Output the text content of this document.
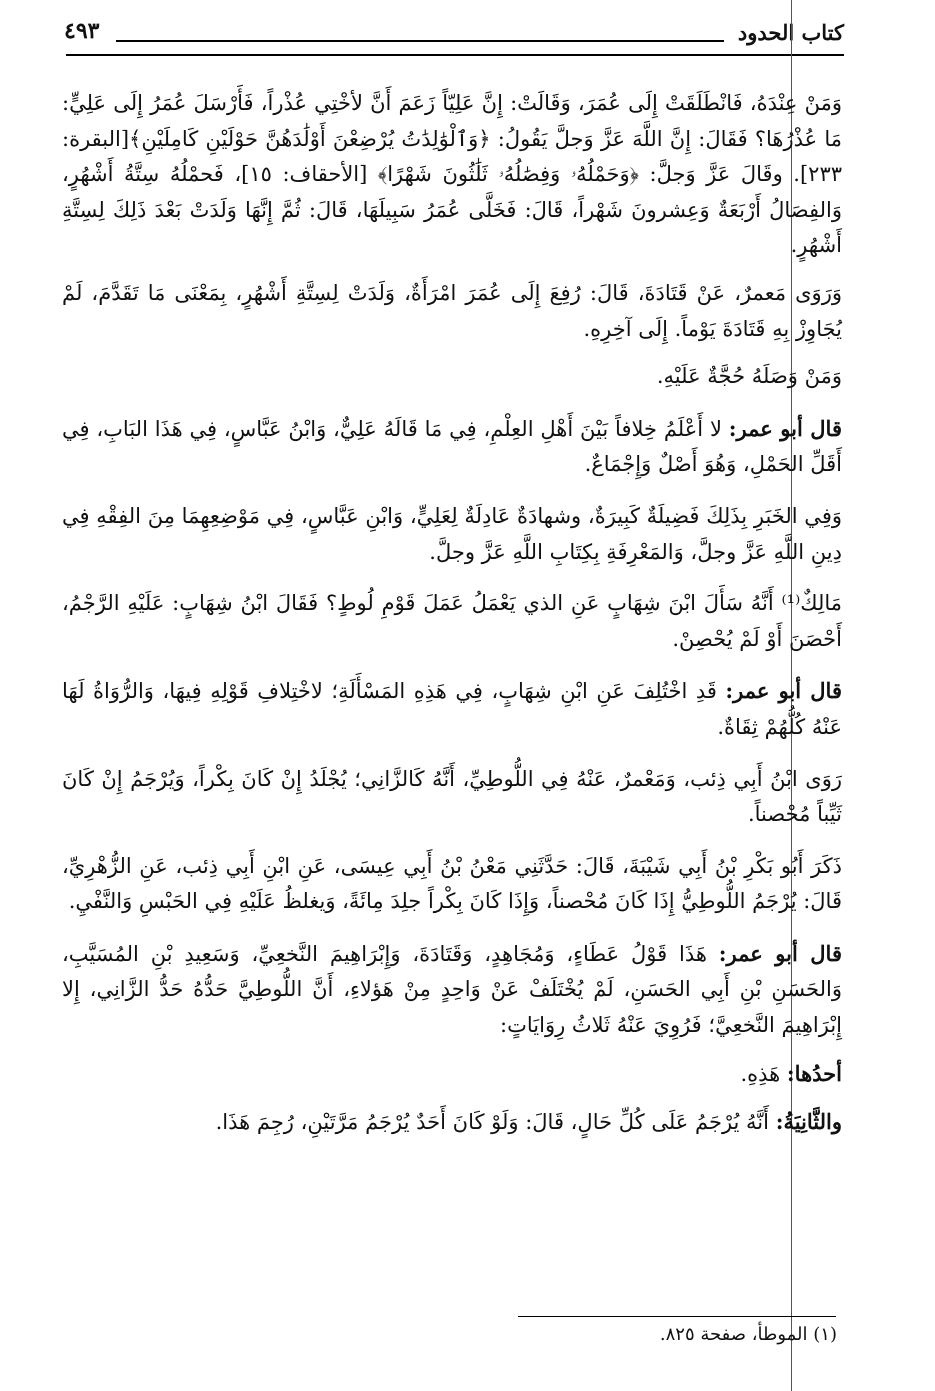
كتاب الحدود
٤٩٣

وَمَنْ عِنْدَهُ، فَانْطَلَقَتْ إِلَى عُمَرَ، وَقَالَتْ: إِنَّ عَلِيّاً زَعَمَ أَنَّ لأخْتِي عُذْراً، فَأَرْسَلَ عُمَرُ إِلَى عَلِيٍّ: مَا عُذْرُهَا؟ فَقَالَ: إِنَّ اللَّهَ عَزَّ وَجلَّ يَقُولُ: ﴿وَٱلْوَٰلِدَٰتُ يُرْضِعْنَ أَوْلَٰدَهُنَّ حَوْلَيْنِ كَامِلَيْنِ﴾[البقرة: ٢٣٣]. وقَالَ عَزَّ وَجلَّ: ﴿وَحَمْلُهُۥ وَفِصَٰلُهُۥ ثَلَٰثُونَ شَهْرًا﴾ [الأحقاف: ١٥]، فَحمْلُهُ سِتَّةُ أَشْهُرٍ، وَالفِصَالُ أَرْبَعَةٌ وَعِشرونَ شَهْراً، قَالَ: فَخَلَّى عُمَرُ سَبِيلَهَا، قَالَ: ثُمَّ إِنَّهَا وَلَدَتْ بَعْدَ ذَلِكَ لِسِتَّةِ أَشْهُرٍ.

وَرَوَى مَعمرٌ، عَنْ قَتَادَةَ، قَالَ: رُفِعَ إِلَى عُمَرَ امْرَأَةٌ، وَلَدَتْ لِسِتَّةِ أَشْهُرٍ، بِمَعْنَى مَا تَقَدَّمَ، لَمْ يُجَاوِزْ بِهِ قَتَادَةَ يَوْماً. إِلَى آخِرِهِ.

وَمَنْ وَصَلَهُ حُجَّةٌ عَلَيْهِ.

قال أبو عمر: لا أَعْلَمُ خِلافاً بَيْنَ أَهْلِ العِلْمِ، فِي مَا قَالَهُ عَلِيٌّ، وَابْنُ عَبَّاسٍ، فِي هَذَا البَابِ، فِي أَقَلِّ الحَمْلِ، وَهُوَ أَصْلٌ وَإِجْمَاعٌ.

وَفِي الخَبَرِ بِذَلِكَ فَضِيلَةٌ كَبِيرَةٌ، وشهادَةٌ عَادِلَةٌ لِعَلِيٍّ، وَابْنِ عَبَّاسٍ، فِي مَوْضِعِهِمَا مِنَ الفِقْهِ فِي دِينِ اللَّهِ عَزَّ وجلَّ، وَالمَعْرِفَةِ بِكِتَابِ اللَّهِ عَزَّ وجلَّ.

مَالِكٌ⁽¹⁾ أَنَّهُ سَأَلَ ابْنَ شِهَابٍ عَنِ الذي يَعْمَلُ عَمَلَ قَوْمِ لُوطٍ؟ فَقَالَ ابْنُ شِهَابٍ: عَلَيْهِ الرَّجْمُ، أَحْصَنَ أَوْ لَمْ يُحْصِنْ.

قال أبو عمر: قَدِ اخْتُلِفَ عَنِ ابْنِ شِهَابٍ، فِي هَذِهِ المَسْأَلَةِ؛ لاخْتِلافِ قَوْلِهِ فِيهَا، وَالرُّوَاةُ لَهَا عَنْهُ كُلُّهُمْ ثِقَاةٌ.

رَوَى ابْنُ أَبِي ذِئب، وَمَعْمرٌ، عَنْهُ فِي اللُّوطِيِّ، أَنَّهُ كَالزَّانِي؛ يُجْلَدُ إِنْ كَانَ بِكْراً، وَيُرْجَمُ إِنْ كَانَ ثَيِّباً مُحْصناً.

ذَكَرَ أَبُو بَكْرِ بْنُ أَبِي شَيْبَةَ، قَالَ: حَدَّثَنِي مَعْنُ بْنُ أَبِي عِيسَى، عَنِ ابْنِ أَبِي ذِئب، عَنِ الزُّهْرِيِّ، قَالَ: يُرْجَمُ اللُّوطِيُّ إِذَا كَانَ مُحْصناً، وَإِذَا كَانَ بِكْراً جلِدَ مِائَةً، وَيغلظُ عَلَيْهِ فِي الحَبْسِ وَالنَّفْيِ.

قال أبو عمر: هَذَا قَوْلُ عَطَاءٍ، وَمُجَاهِدٍ، وَقَتَادَةَ، وَإِبْرَاهِيمَ النَّخعِيِّ، وَسَعِيدِ بْنِ المُسَيَّبِ، وَالحَسَنِ بْنِ أَبِي الحَسَنِ، لَمْ يُخْتَلَفْ عَنْ وَاحِدٍ مِنْ هَؤلاءِ، أَنَّ اللُّوطِيَّ حَدُّهُ حَدُّ الزَّانِي، إِلا إِبْرَاهِيمَ النَّخعِيَّ؛ فَرُوِيَ عَنْهُ ثَلاثُ رِوَايَاتٍ:

أحدُها: هَذِهِ.

والثَّانِيَةُ: أَنَّهُ يُرْجَمُ عَلَى كُلِّ حَالٍ، قَالَ: وَلَوْ كَانَ أَحَدٌ يُرْجَمُ مَرَّتَيْنِ، رُجِمَ هَذَا.

(١) الموطأ، صفحة ٨٢٥.
